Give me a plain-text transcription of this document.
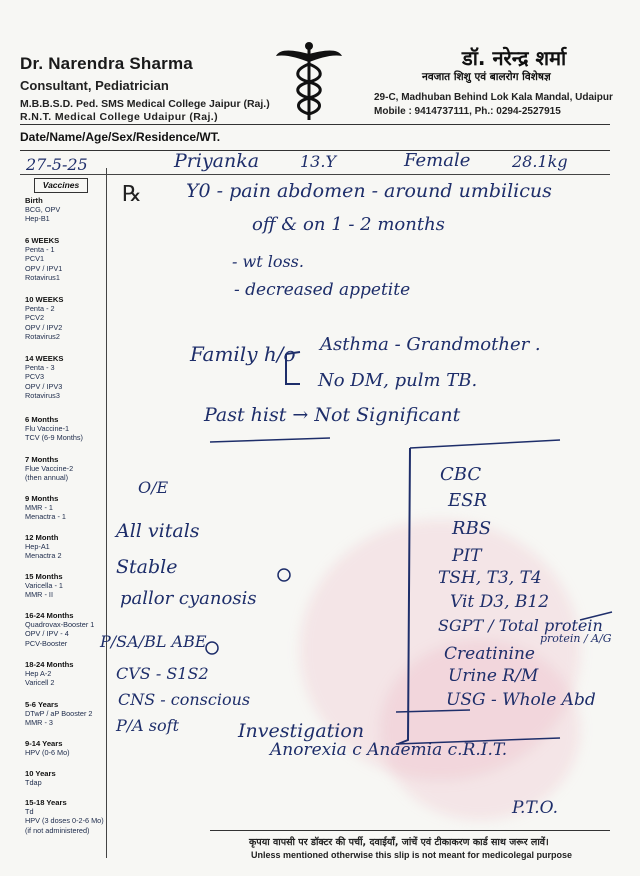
Dr. Narendra Sharma
Consultant, Pediatrician
M.B.B.S.D. Ped. SMS Medical College Jaipur (Raj.)
R.N.T. Medical College Udaipur (Raj.)
डॉ. नरेन्द्र शर्मा
नवजात शिशु एवं बालरोग विशेषज्ञ
29-C, Madhuban Behind Lok Kala Mandal, Udaipur
Mobile : 9414737111, Ph.: 0294-2527915
Date/Name/Age/Sex/Residence/WT.
27-5-25	Priyanka	13.Y	Female	28.1kg
Vaccines
Birth
BCG, OPV
Hep-B1
6 WEEKS
Penta - 1
PCV1
OPV / IPV1
Rotavirus1
10 WEEKS
Penta - 2
PCV2
OPV / IPV2
Rotavirus2
14 WEEKS
Penta - 3
PCV3
OPV / IPV3
Rotavirus3
6 Months
Flu Vaccine-1
TCV (6-9 Months)
7 Months
Flue Vaccine-2
(then annual)
9 Months
MMR - 1
Menactra - 1
12 Month
Hep-A1
Menactra 2
15 Months
Varicella - 1
MMR - II
16-24 Months
Quadrovax-Booster 1
OPV / IPV - 4
PCV-Booster
18-24 Months
Hep A-2
Varicell 2
5-6 Years
DTwP / aP Booster 2
MMR - 3
9-14 Years
HPV (0-6 Mo)
10 Years
Tdap
15-18 Years
Td
HPV (3 doses 0-2-6 Mo)
(if not administered)
℞ Y0 - pain abdomen - around umbilicus
off & on 1 - 2 months
- wt loss.
- decreased appetite
Family h/o Asthma - Grandmother .
No DM, pulm TB.
Past hist → Not Significant
O/E
All vitals
Stable
pallor cyanosis
P/SA/BL ABE
CVS - S1S2
CNS - conscious
P/A soft	Investigation
CBC
ESR
RBS
PIT
TSH, T3, T4
Vit D3, B12
SGPT / Total protein
protein / A/G
Creatinine
Urine R/M
USG - Whole Abd
Anorexia c Anaemia c.R.I.T.
P.T.O.
कृपया वापसी पर डॉक्टर की पर्ची, दवाईयाँ, जांचें एवं टीकाकरण कार्ड साथ जरूर लावें।
Unless mentioned otherwise this slip is not meant for medicolegal purpose
